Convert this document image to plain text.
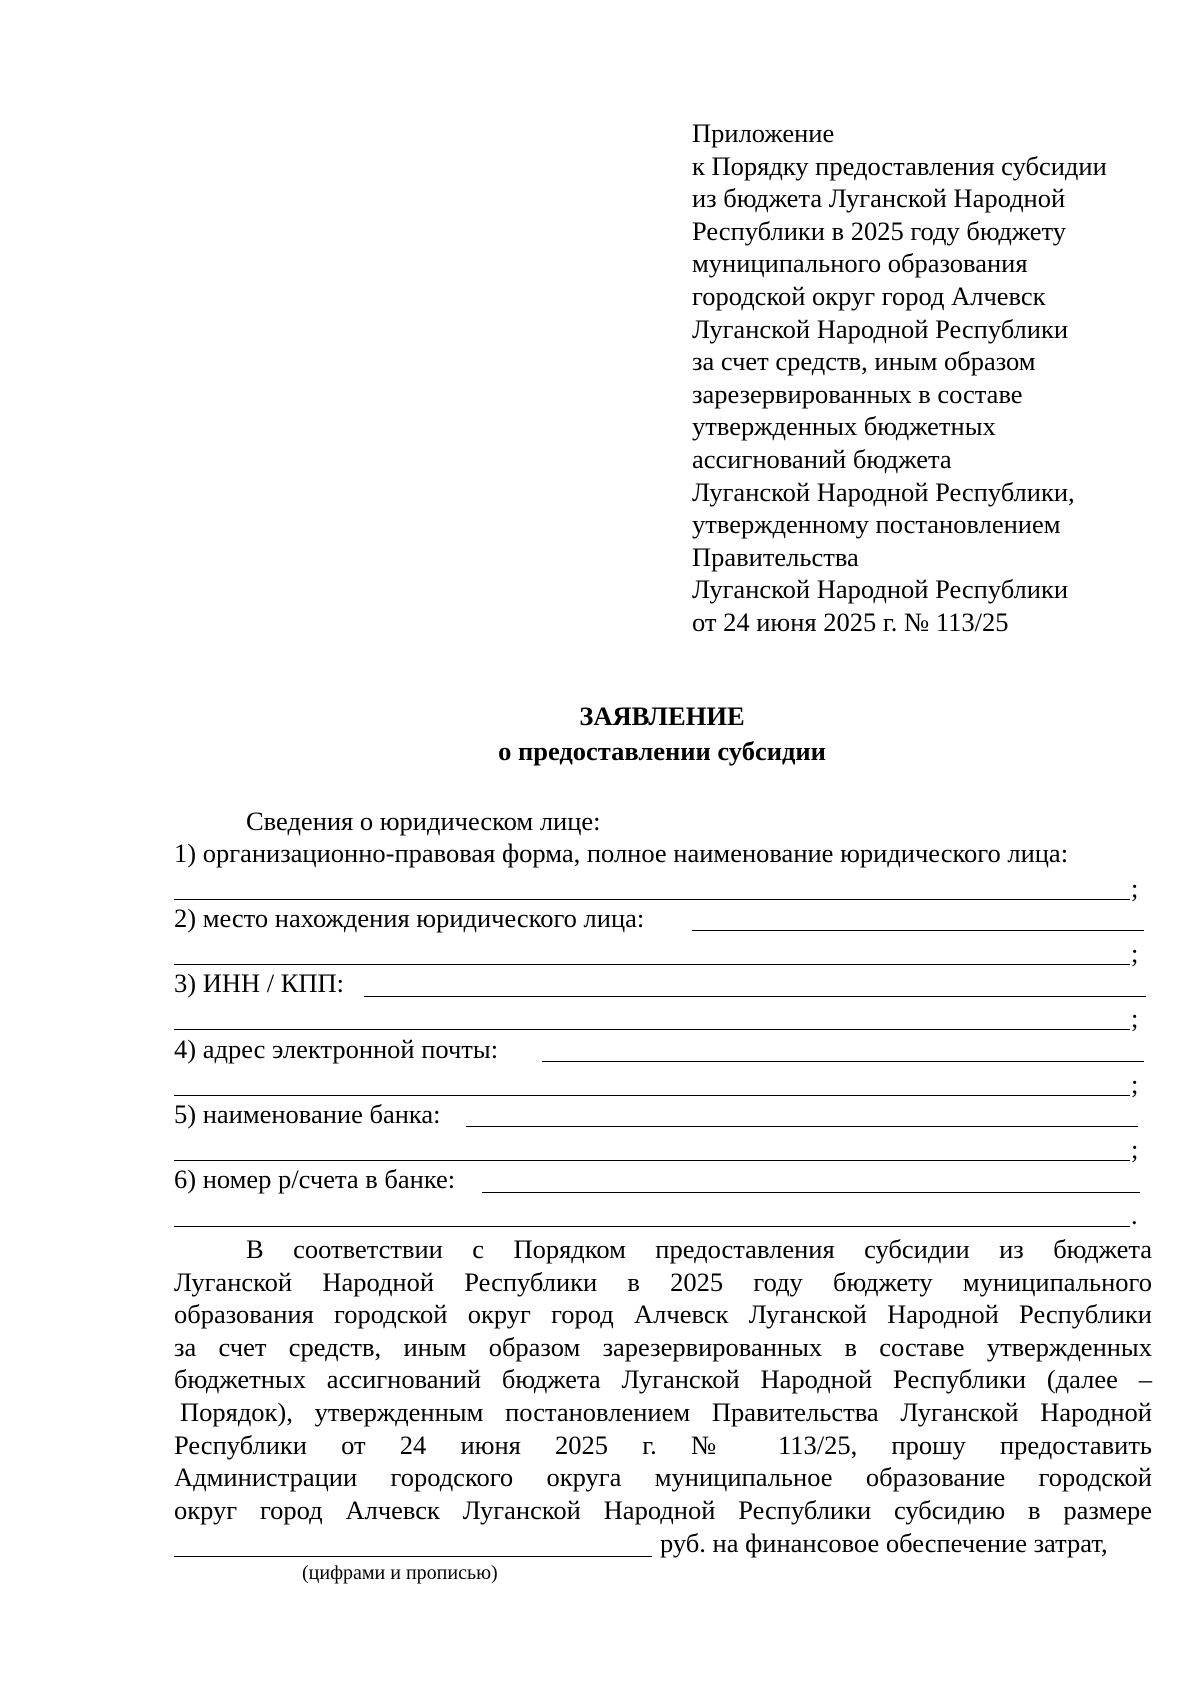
Приложение
к Порядку предоставления субсидии
из бюджета Луганской Народной
Республики в 2025 году бюджету
муниципального образования
городской округ город Алчевск
Луганской Народной Республики
за счет средств, иным образом
зарезервированных в составе
утвержденных бюджетных
ассигнований бюджета
Луганской Народной Республики,
утвержденному постановлением
Правительства
Луганской Народной Республики
от 24 июня 2025 г. № 113/25
ЗАЯВЛЕНИЕ
о предоставлении субсидии
Сведения о юридическом лице:
1) организационно-правовая форма, полное наименование юридического лица:
;
2) место нахождения юридического лица:
;
3) ИНН / КПП:
;
4) адрес электронной почты:
;
5) наименование банка:
;
6) номер р/счета в банке:
.
В соответствии с Порядком предоставления субсидии из бюджета
Луганской Народной Республики в 2025 году бюджету муниципального
образования городской округ город Алчевск Луганской Народной Республики
за счет средств, иным образом зарезервированных в составе утвержденных
бюджетных ассигнований бюджета Луганской Народной Республики (далее –
Порядок), утвержденным постановлением Правительства Луганской Народной
Республики от 24 июня 2025 г. № 113/25, прошу предоставить
Администрации городского округа муниципальное образование городской
округ город Алчевск Луганской Народной Республики субсидию в размере
руб. на финансовое обеспечение затрат,
(цифрами и прописью)
